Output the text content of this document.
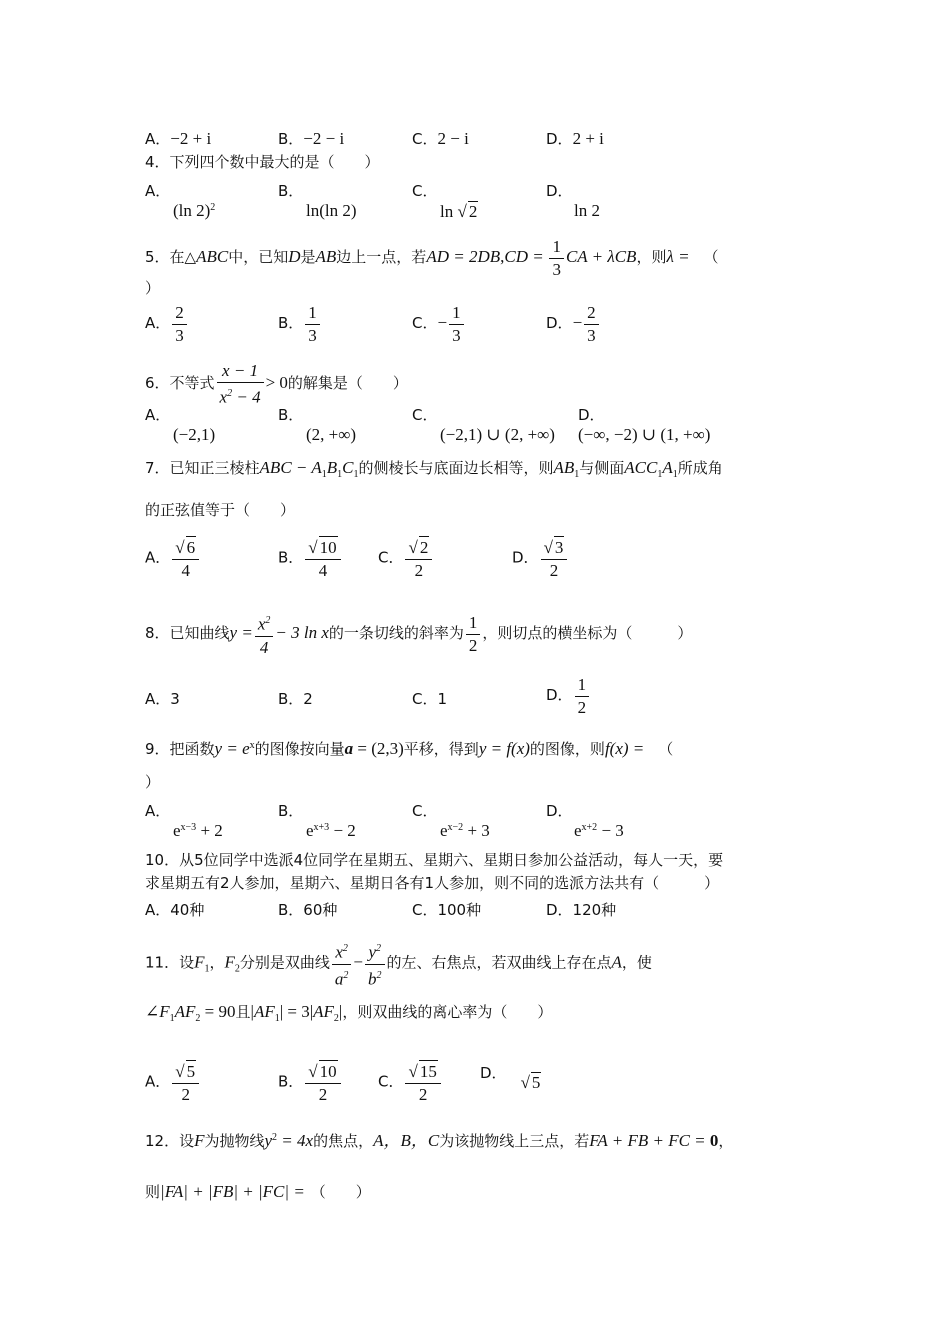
A．−2 + i	B．−2 − i	C．2 − i	D．2 + i
4．下列四个数中最大的是（　　）
A．
(ln 2)$^2$
B．
ln(ln 2)
C．
ln √ 2
D．
ln 2
5．在△ABC中，已知D是AB边上一点，若AD = $2DB,CD = \frac{1}{3}$ CA + λCB，则λ = （
）
A． $\frac{2}{3}$	B． $\frac{1}{3}$	C．− $\frac{1}{3}$	D．− $\frac{2}{3}$
6．不等式 $\frac{x - 1}{x^2 - 4} > 0$的解集是（　　）
A．
(−2,1)
B．
(2, +∞)
C．
(−2,1) ∪ (2, +∞)
D．
(−∞, −2) ∪ (1, +∞)
7．已知正三棱柱ABC − $A_1B_1C_1$的侧棱长与底面边长相等，则$AB_1$与侧面$ACC_1A_1$所成角
的正弦值等于（　　）
A． $\frac{√ 6}{4}$	B． $\frac{√ 10}{4}$ C． $\frac{√ 2}{2}$	D． $\frac{√ 3}{2}$
8．已知曲线$y = \frac{x^2}{4} - 3$ ln x的一条切线的斜率为 $\frac{1}{2}$ ，则切点的横坐标为（　　　）
A．3	B．2	C．1	D． $\frac{1}{2}$
9．把函数$y = e^x$的图像按向量a = (2,3)平移，得到y = f(x)的图像，则f(x) = （
）
A．
$e^{x-3} + 2$
B．
$e^{x+3} - 2$
C．
$e^{x-2} + 3$
D．
$e^{x+2} - 3$
10．从5位同学中选派4位同学在星期五、星期六、星期日参加公益活动，每人一天，要
求星期五有2人参加，星期六、星期日各有1人参加，则不同的选派方法共有（　　　）
A．40种	B．60种	C．100种	D．120种
11．设$F_1$，$F_2$分别是双曲线 $\frac{x^2}{a^2} - \frac{y^2}{b^2}$ 的左、右焦点，若双曲线上存在点A，使
$\angle F_1AF_2 = 90$且$|AF_1| = 3|AF_2|$，则双曲线的离心率为（　　）
A． $\frac{√ 5}{2}$	B． $\frac{√ 10}{2}$ C． $\frac{√ 15}{2}$	D． √ 5
12．设F为抛物线$y^2 = 4x$的焦点，A，B，C为该抛物线上三点，若FA + FB + FC = 0，
则|FA| + |FB| + |FC| = （　　）
